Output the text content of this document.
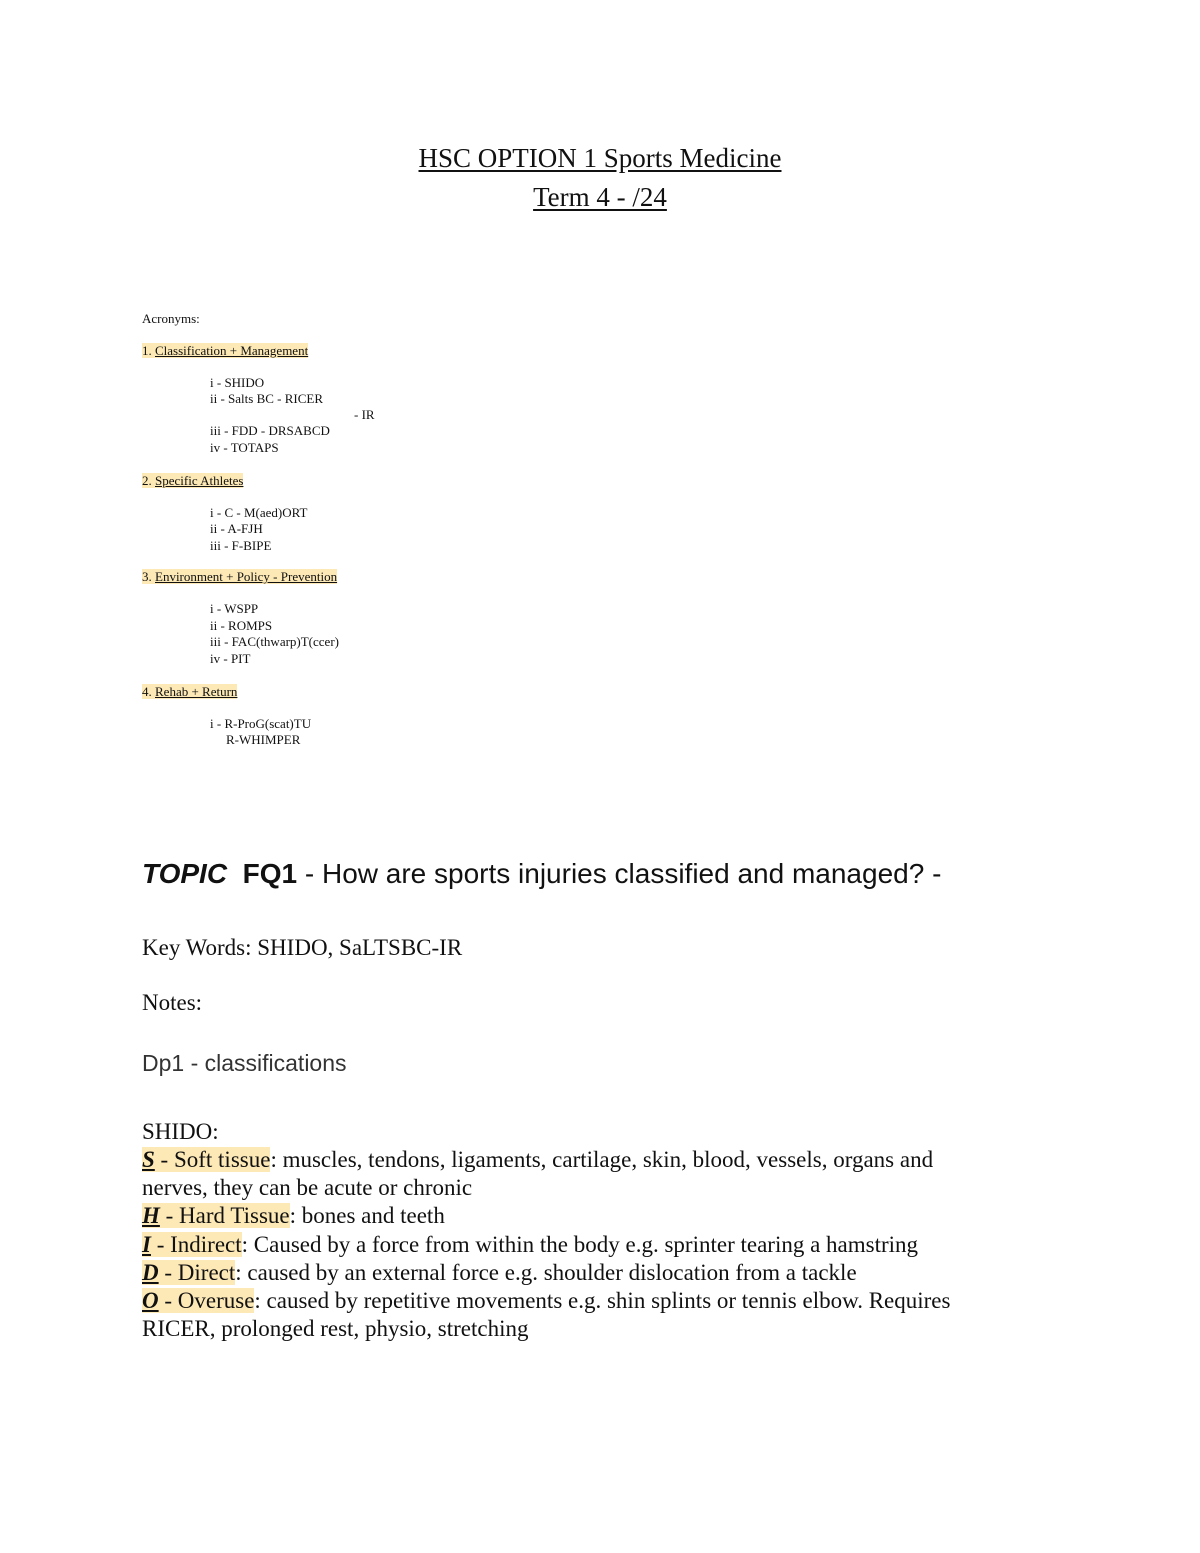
HSC OPTION 1 Sports Medicine
Term 4 - /24
Acronyms:
1. Classification + Management
i - SHIDO
ii - Salts BC - RICER
- IR
iii - FDD - DRSABCD
iv - TOTAPS
2. Specific Athletes
i - C - M(aed)ORT
ii - A-FJH
iii - F-BIPE
3. Environment + Policy - Prevention
i - WSPP
ii - ROMPS
iii - FAC(thwarp)T(ccer)
iv - PIT
4. Rehab + Return
i - R-ProG(scat)TU
R-WHIMPER
TOPIC FQ1 - How are sports injuries classified and managed? -
Key Words: SHIDO, SaLTSBC-IR
Notes:
Dp1 - classifications
SHIDO:
S - Soft tissue: muscles, tendons, ligaments, cartilage, skin, blood, vessels, organs and
nerves, they can be acute or chronic
H - Hard Tissue: bones and teeth
I - Indirect: Caused by a force from within the body e.g. sprinter tearing a hamstring
D - Direct: caused by an external force e.g. shoulder dislocation from a tackle
O - Overuse: caused by repetitive movements e.g. shin splints or tennis elbow. Requires
RICER, prolonged rest, physio, stretching
